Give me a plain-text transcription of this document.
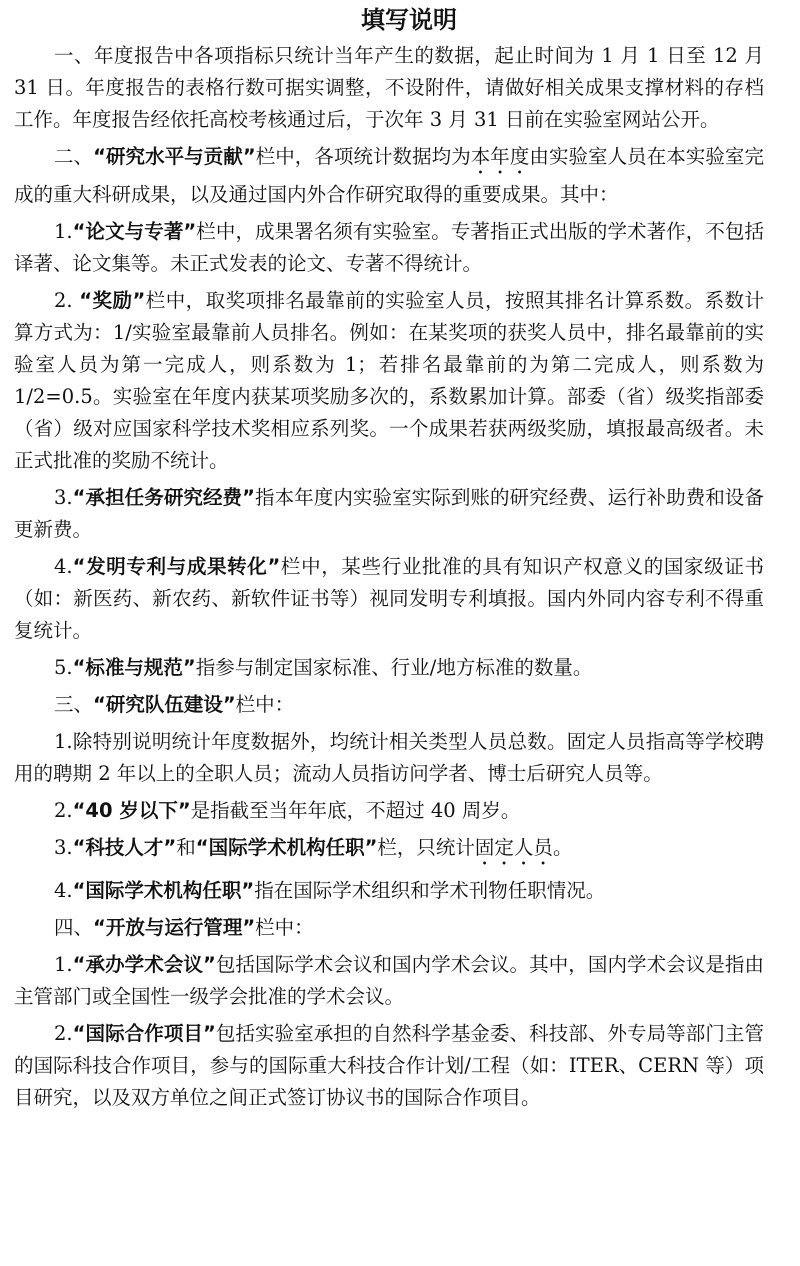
填写说明

一、年度报告中各项指标只统计当年产生的数据，起止时间为 1 月 1 日至 12 月 31 日。年度报告的表格行数可据实调整，不设附件，请做好相关成果支撑材料的存档工作。年度报告经依托高校考核通过后，于次年 3 月 31 日前在实验室网站公开。

二、“研究水平与贡献”栏中，各项统计数据均为本年度由实验室人员在本实验室完成的重大科研成果，以及通过国内外合作研究取得的重要成果。其中：

1.“论文与专著”栏中，成果署名须有实验室。专著指正式出版的学术著作，不包括译著、论文集等。未正式发表的论文、专著不得统计。

2. “奖励”栏中，取奖项排名最靠前的实验室人员，按照其排名计算系数。系数计算方式为：1/实验室最靠前人员排名。例如：在某奖项的获奖人员中，排名最靠前的实验室人员为第一完成人，则系数为 1；若排名最靠前的为第二完成人，则系数为 1/2=0.5。实验室在年度内获某项奖励多次的，系数累加计算。部委（省）级奖指部委（省）级对应国家科学技术奖相应系列奖。一个成果若获两级奖励，填报最高级者。未正式批准的奖励不统计。

3.“承担任务研究经费”指本年度内实验室实际到账的研究经费、运行补助费和设备更新费。

4.“发明专利与成果转化”栏中，某些行业批准的具有知识产权意义的国家级证书（如：新医药、新农药、新软件证书等）视同发明专利填报。国内外同内容专利不得重复统计。

5.“标准与规范”指参与制定国家标准、行业/地方标准的数量。

三、“研究队伍建设”栏中：

1.除特别说明统计年度数据外，均统计相关类型人员总数。固定人员指高等学校聘用的聘期 2 年以上的全职人员；流动人员指访问学者、博士后研究人员等。

2.“40 岁以下”是指截至当年年底，不超过 40 周岁。

3.“科技人才”和“国际学术机构任职”栏，只统计固定人员。

4.“国际学术机构任职”指在国际学术组织和学术刊物任职情况。

四、“开放与运行管理”栏中：

1.“承办学术会议”包括国际学术会议和国内学术会议。其中，国内学术会议是指由主管部门或全国性一级学会批准的学术会议。

2.“国际合作项目”包括实验室承担的自然科学基金委、科技部、外专局等部门主管的国际科技合作项目，参与的国际重大科技合作计划/工程（如：ITER、CERN 等）项目研究，以及双方单位之间正式签订协议书的国际合作项目。
